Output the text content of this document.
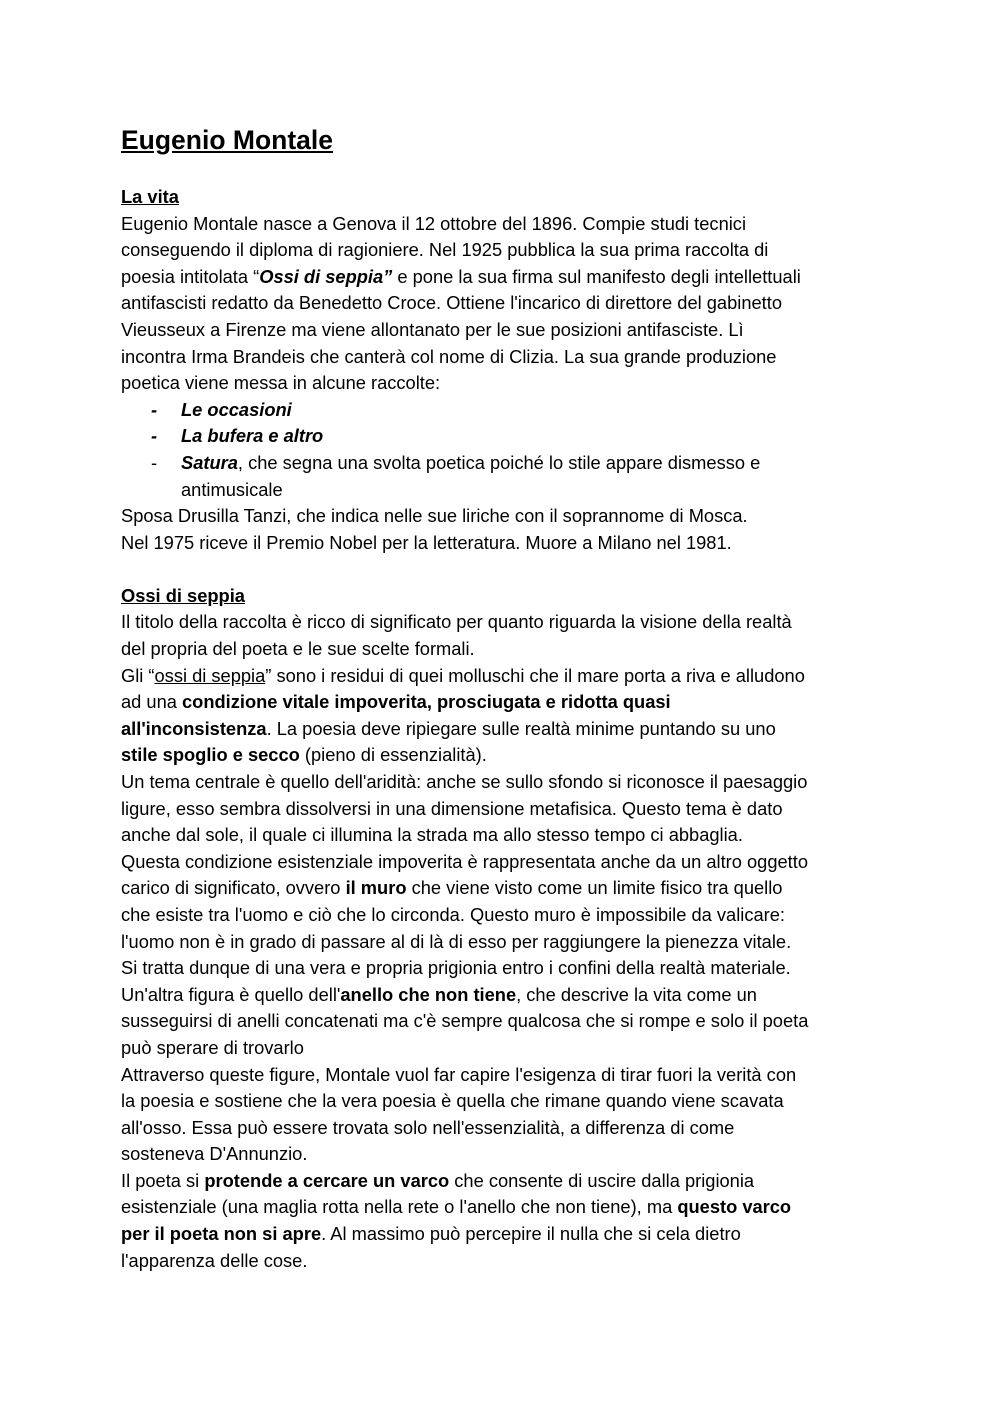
Eugenio Montale
La vita
Eugenio Montale nasce a Genova il 12 ottobre del 1896. Compie studi tecnici
conseguendo il diploma di ragioniere. Nel 1925 pubblica la sua prima raccolta di
poesia intitolata “Ossi di seppia” e pone la sua firma sul manifesto degli intellettuali
antifascisti redatto da Benedetto Croce. Ottiene l'incarico di direttore del gabinetto
Vieusseux a Firenze ma viene allontanato per le sue posizioni antifasciste. Lì
incontra Irma Brandeis che canterà col nome di Clizia. La sua grande produzione
poetica viene messa in alcune raccolte:
- Le occasioni
- La bufera e altro
- Satura, che segna una svolta poetica poiché lo stile appare dismesso e
antimusicale
Sposa Drusilla Tanzi, che indica nelle sue liriche con il soprannome di Mosca.
Nel 1975 riceve il Premio Nobel per la letteratura. Muore a Milano nel 1981.
Ossi di seppia
Il titolo della raccolta è ricco di significato per quanto riguarda la visione della realtà
del propria del poeta e le sue scelte formali.
Gli “ossi di seppia” sono i residui di quei molluschi che il mare porta a riva e alludono
ad una condizione vitale impoverita, prosciugata e ridotta quasi
all'inconsistenza. La poesia deve ripiegare sulle realtà minime puntando su uno
stile spoglio e secco (pieno di essenzialità).
Un tema centrale è quello dell'aridità: anche se sullo sfondo si riconosce il paesaggio
ligure, esso sembra dissolversi in una dimensione metafisica. Questo tema è dato
anche dal sole, il quale ci illumina la strada ma allo stesso tempo ci abbaglia.
Questa condizione esistenziale impoverita è rappresentata anche da un altro oggetto
carico di significato, ovvero il muro che viene visto come un limite fisico tra quello
che esiste tra l'uomo e ciò che lo circonda. Questo muro è impossibile da valicare:
l'uomo non è in grado di passare al di là di esso per raggiungere la pienezza vitale.
Si tratta dunque di una vera e propria prigionia entro i confini della realtà materiale.
Un'altra figura è quello dell'anello che non tiene, che descrive la vita come un
susseguirsi di anelli concatenati ma c'è sempre qualcosa che si rompe e solo il poeta
può sperare di trovarlo
Attraverso queste figure, Montale vuol far capire l'esigenza di tirar fuori la verità con
la poesia e sostiene che la vera poesia è quella che rimane quando viene scavata
all'osso. Essa può essere trovata solo nell'essenzialità, a differenza di come
sosteneva D'Annunzio.
Il poeta si protende a cercare un varco che consente di uscire dalla prigionia
esistenziale (una maglia rotta nella rete o l'anello che non tiene), ma questo varco
per il poeta non si apre. Al massimo può percepire il nulla che si cela dietro
l'apparenza delle cose.
